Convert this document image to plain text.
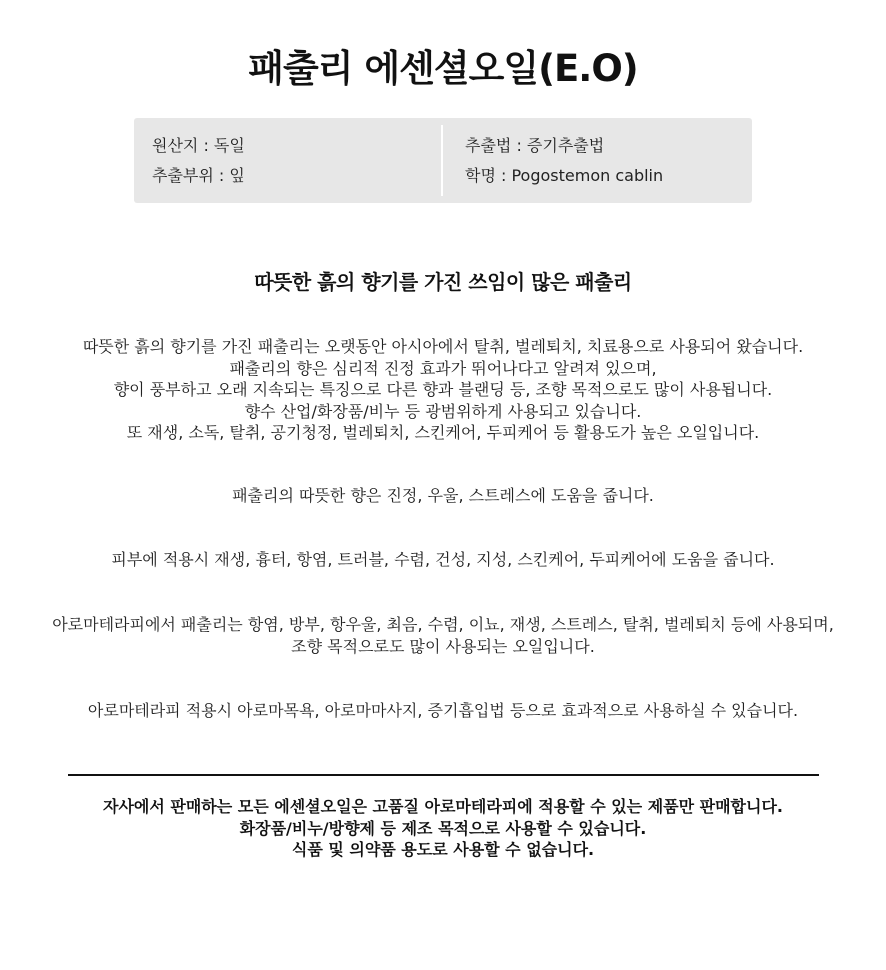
패출리 에센셜오일(E.O)
원산지 : 독일
추출부위 : 잎
추출법 : 증기추출법
학명 : Pogostemon cablin
따뜻한 흙의 향기를 가진 쓰임이 많은 패출리
따뜻한 흙의 향기를 가진 패출리는 오랫동안 아시아에서 탈취, 벌레퇴치, 치료용으로 사용되어 왔습니다.
패출리의 향은 심리적 진정 효과가 뛰어나다고 알려져 있으며,
향이 풍부하고 오래 지속되는 특징으로 다른 향과 블랜딩 등, 조향 목적으로도 많이 사용됩니다.
향수 산업/화장품/비누 등 광범위하게 사용되고 있습니다.
또 재생, 소독, 탈취, 공기청정, 벌레퇴치, 스킨케어, 두피케어 등 활용도가 높은 오일입니다.
패출리의 따뜻한 향은 진정, 우울, 스트레스에 도움을 줍니다.
피부에 적용시 재생, 흉터, 항염, 트러블, 수렴, 건성, 지성, 스킨케어, 두피케어에 도움을 줍니다.
아로마테라피에서 패출리는 항염, 방부, 항우울, 최음, 수렴, 이뇨, 재생, 스트레스, 탈취, 벌레퇴치 등에 사용되며,
조향 목적으로도 많이 사용되는 오일입니다.
아로마테라피 적용시 아로마목욕, 아로마마사지, 증기흡입법 등으로 효과적으로 사용하실 수 있습니다.
자사에서 판매하는 모든 에센셜오일은 고품질 아로마테라피에 적용할 수 있는 제품만 판매합니다.
화장품/비누/방향제 등 제조 목적으로 사용할 수 있습니다.
식품 및 의약품 용도로 사용할 수 없습니다.
